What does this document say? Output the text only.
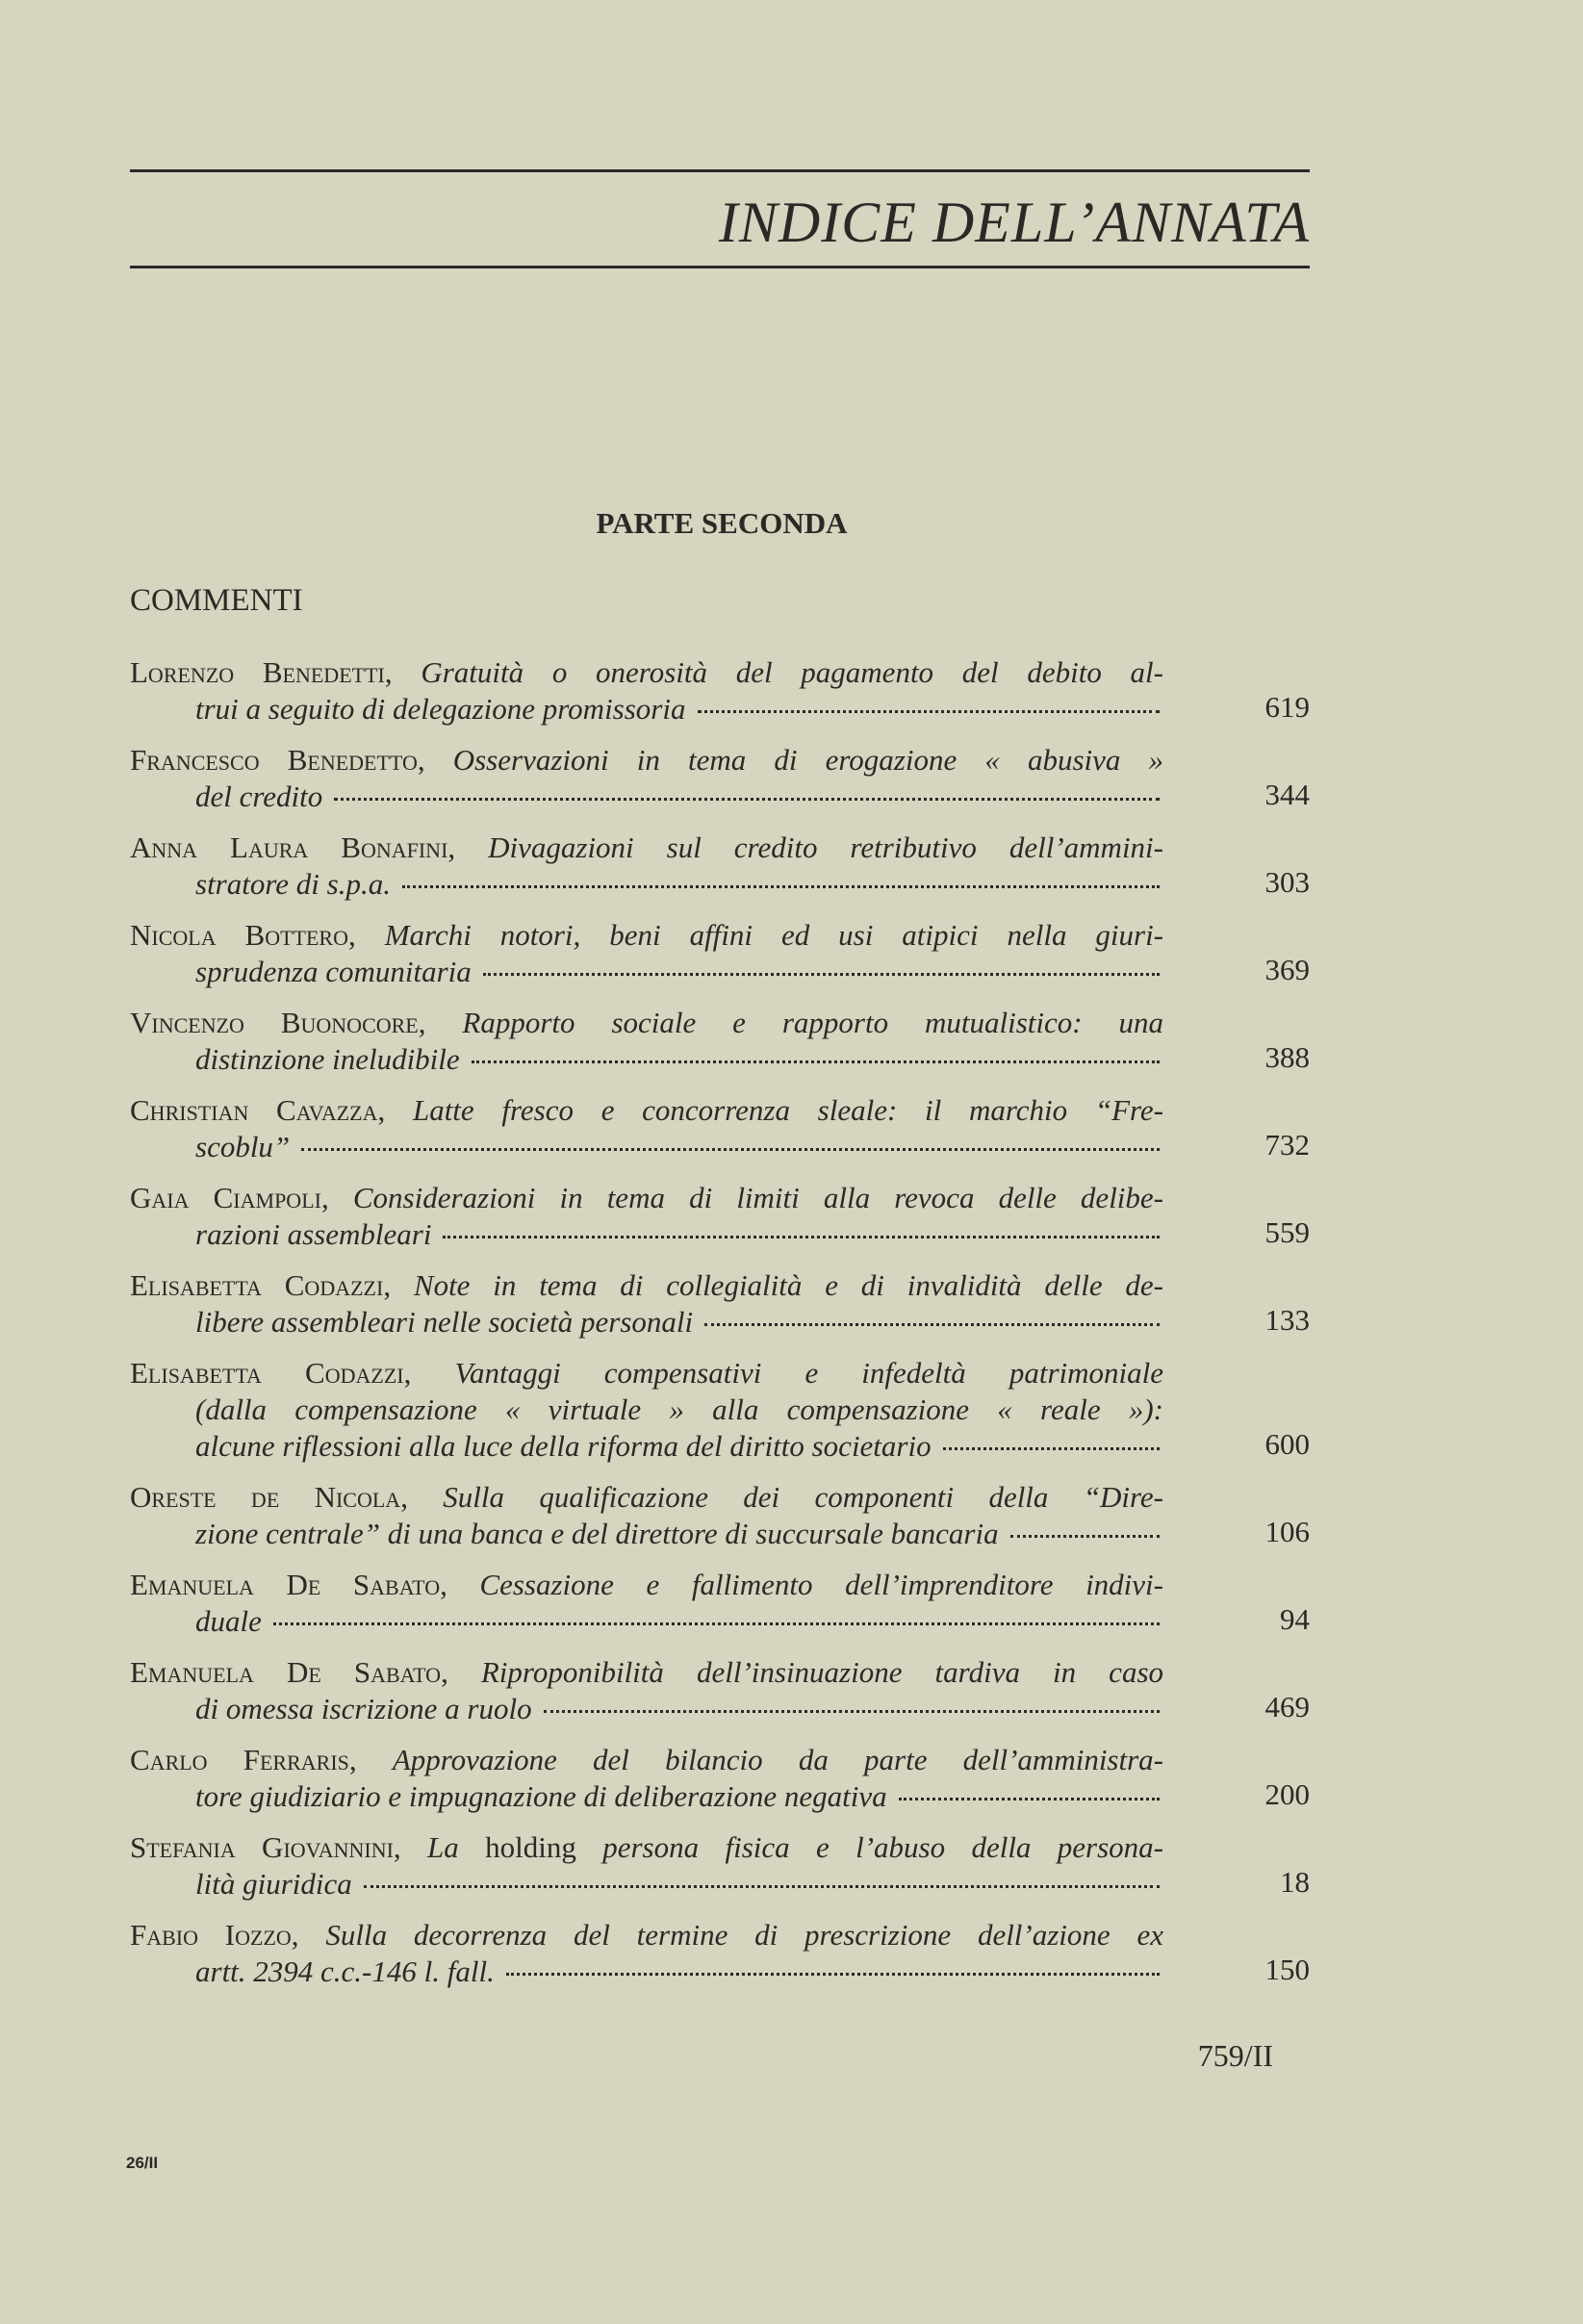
INDICE DELL’ANNATA
PARTE SECONDA
COMMENTI
Lorenzo Benedetti, Gratuità o onerosità del pagamento del debito al-
trui a seguito di delegazione promissoria	619
Francesco Benedetto, Osservazioni in tema di erogazione « abusiva »
del credito	344
Anna Laura Bonafini, Divagazioni sul credito retributivo dell’ammini-
stratore di s.p.a.	303
Nicola Bottero, Marchi notori, beni affini ed usi atipici nella giuri-
sprudenza comunitaria	369
Vincenzo Buonocore, Rapporto sociale e rapporto mutualistico: una
distinzione ineludibile	388
Christian Cavazza, Latte fresco e concorrenza sleale: il marchio “Fre-
scoblu”	732
Gaia Ciampoli, Considerazioni in tema di limiti alla revoca delle delibe-
razioni assembleari	559
Elisabetta Codazzi, Note in tema di collegialità e di invalidità delle de-
libere assembleari nelle società personali	133
Elisabetta Codazzi, Vantaggi compensativi e infedeltà patrimoniale
(dalla compensazione « virtuale » alla compensazione « reale »):
alcune riflessioni alla luce della riforma del diritto societario	600
Oreste de Nicola, Sulla qualificazione dei componenti della “Dire-
zione centrale” di una banca e del direttore di succursale bancaria	106
Emanuela De Sabato, Cessazione e fallimento dell’imprenditore indivi-
duale	94
Emanuela De Sabato, Riproponibilità dell’insinuazione tardiva in caso
di omessa iscrizione a ruolo	469
Carlo Ferraris, Approvazione del bilancio da parte dell’amministra-
tore giudiziario e impugnazione di deliberazione negativa	200
Stefania Giovannini, La holding persona fisica e l’abuso della persona-
lità giuridica	18
Fabio Iozzo, Sulla decorrenza del termine di prescrizione dell’azione ex
artt. 2394 c.c.-146 l. fall.	150
759/II
26/II
